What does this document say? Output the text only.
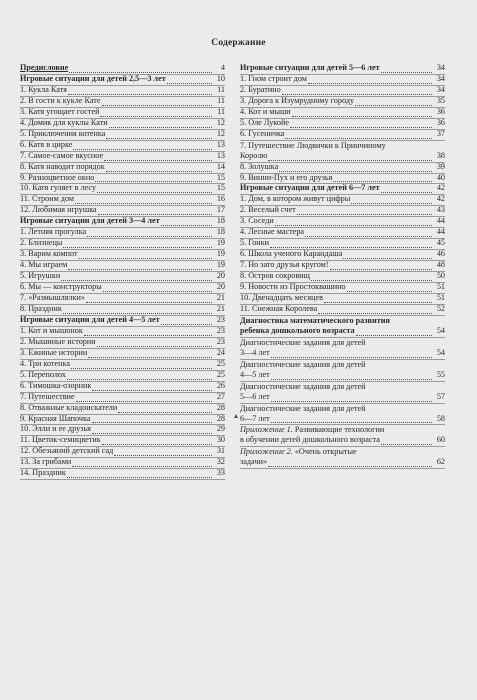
Содержание
Предисловие	4
Игровые ситуации для детей 2,5—3 лет	10
1. Кукла Катя	11
2. В гости к кукле Кате	11
3. Катя угощает гостей	11
4. Домик для куклы Кати	12
5. Приключения котенка	12
6. Катя в цирке	13
7. Самое-самое вкусное	13
8. Катя наводит порядок	14
9. Разноцветное окно	15
10. Катя гуляет в лесу	15
11. Строим дом	16
12. Любимая игрушка	17
Игровые ситуации для детей 3—4 лет	18
1. Летняя прогулка	18
2. Близнецы	19
3. Варим компот	19
4. Мы играем	19
5. Игрушки	20
6. Мы — конструкторы	20
7. «Размышлялки»	21
8. Праздник	21
Игровые ситуации для детей 4—5 лет	23
1. Кот и мышонок	23
2. Мышиные истории	23
3. Ежиные истории	24
4. Три котенка	25
5. Переполох	25
6. Тимошка-озорник	26
7. Путешествие	27
8. Отважные кладоискатели	28
9. Красная Шапочка	28
10. Элли и ее друзья	29
11. Цветик-семицветик	30
12. Обезьяний детский сад	31
13. За грибами	32
14. Праздник	33
Игровые ситуации для детей 5—6 лет	34
1. Гном строит дом	34
2. Буратино	34
3. Дорога к Изумрудному городу	35
4. Кот и мыши	36
5. Оле Лукойе	36
6. Гусеничка	37
7. Путешествие Людвички к Принчиному
Королю	38
8. Золушка	39
9. Винни-Пух и его друзья	40
Игровые ситуации для детей 6—7 лет	42
1. Дом, в котором живут цифры	42
2. Веселый счет	43
3. Соседи	44
4. Лесные мастера	44
5. Гонки	45
6. Школа ученого Карандаша	46
7. Но зато друзья кругом!	48
8. Остров сокровищ	50
9. Новости из Простоквашино	51
10. Двенадцать месяцев	51
11. Снежная Королева	52
Диагностика математического развития
ребенка дошкольного возраста	54
Диагностические задания для детей
3—4 лет	54
Диагностические задания для детей
4—5 лет	55
Диагностические задания для детей
5—6 лет	57
Диагностические задания для детей
6—7 лет	58
Приложение 1. Развивающие технологии
в обучении детей дошкольного возраста	60
Приложение 2. «Очень открытые
задачи»	62
